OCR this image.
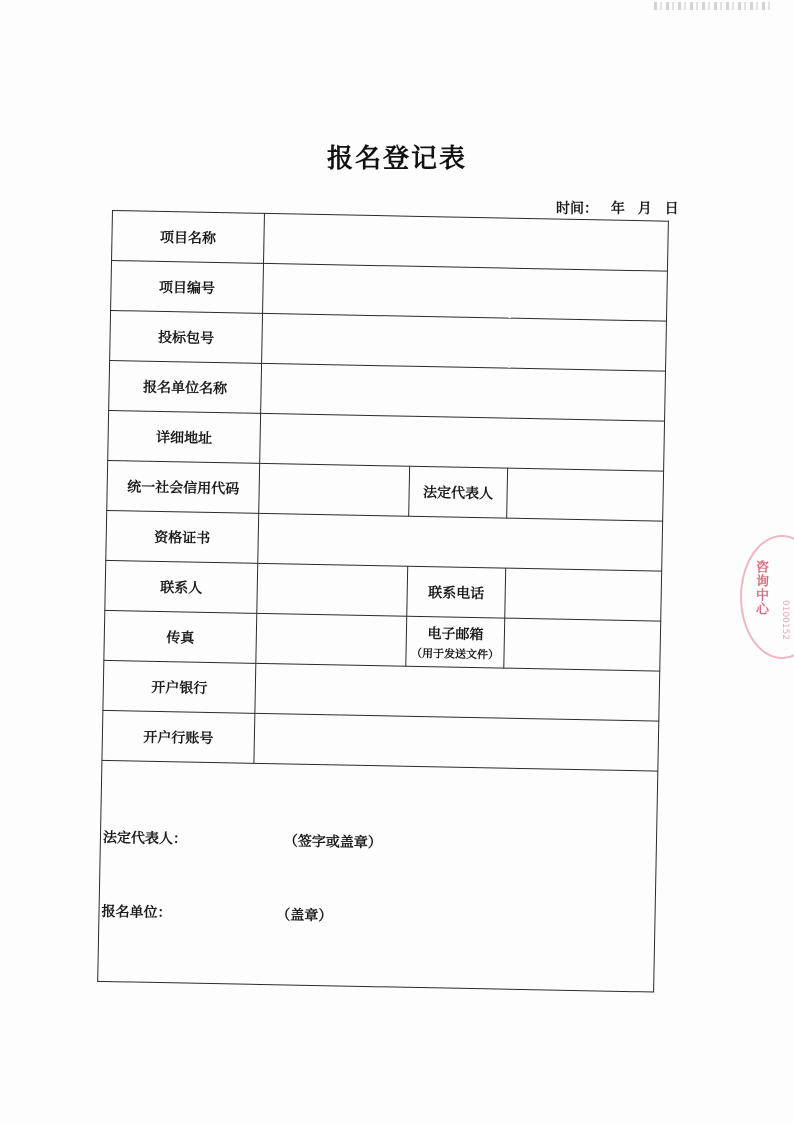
报名登记表
时间： 年 月 日
项目名称			
项目编号			
投标包号			
报名单位名称			
详细地址			
统一社会信用代码		法定代表人	
资格证书			
联系人		联系电话	
传真		电子邮箱
（用于发送文件）	

开户银行			
开户行账号			

法定代表人： （签字或盖章）
报名单位： （盖章）			
咨询中心
0100152
